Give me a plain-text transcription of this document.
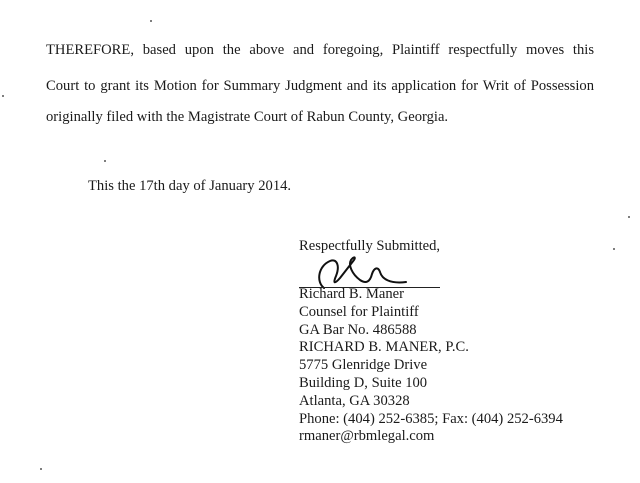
THEREFORE, based upon the above and foregoing, Plaintiff respectfully moves this
Court to grant its Motion for Summary Judgment and its application for Writ of Possession
originally filed with the Magistrate Court of Rabun County, Georgia.
This the 17th day of January 2014.
Respectfully Submitted,
Richard B. Maner
Counsel for Plaintiff
GA Bar No. 486588
RICHARD B. MANER, P.C.
5775 Glenridge Drive
Building D, Suite 100
Atlanta, GA 30328
Phone: (404) 252-6385; Fax: (404) 252-6394
rmaner@rbmlegal.com
